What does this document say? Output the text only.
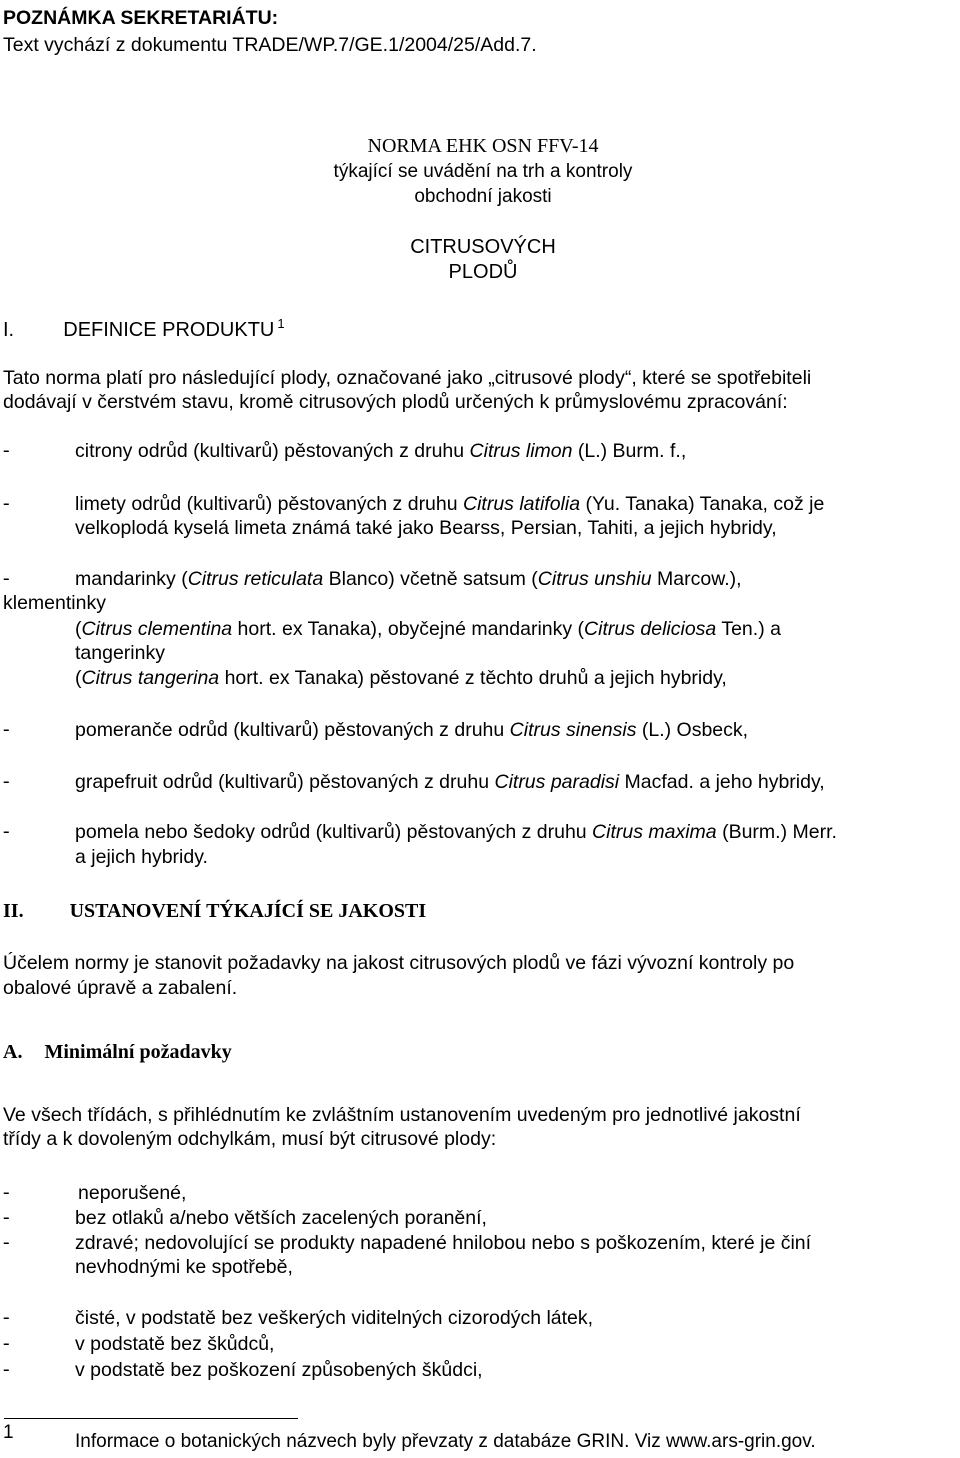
POZNÁMKA SEKRETARIÁTU:
Text vychází z dokumentu TRADE/WP.7/GE.1/2004/25/Add.7.
NORMA EHK OSN FFV-14
týkající se uvádění na trh a kontroly
obchodní jakosti
CITRUSOVÝCH
PLODŮ
I. DEFINICE PRODUKTU $^1$
Tato norma platí pro následující plody, označované jako „citrusové plody“, které se spotřebiteli
dodávají v čerstvém stavu, kromě citrusových plodů určených k průmyslovému zpracování:
-	citrony odrůd (kultivarů) pěstovaných z druhu Citrus limon (L.) Burm. f.,
-	limety odrůd (kultivarů) pěstovaných z druhu Citrus latifolia (Yu. Tanaka) Tanaka, což je
velkoplodá kyselá limeta známá také jako Bearss, Persian, Tahiti, a jejich hybridy,
-	mandarinky (Citrus reticulata Blanco) včetně satsum (Citrus unshiu Marcow.),
klementinky
(Citrus clementina hort. ex Tanaka), obyčejné mandarinky (Citrus deliciosa Ten.) a
tangerinky
(Citrus tangerina hort. ex Tanaka) pěstované z těchto druhů a jejich hybridy,
-	pomeranče odrůd (kultivarů) pěstovaných z druhu Citrus sinensis (L.) Osbeck,
-	grapefruit odrůd (kultivarů) pěstovaných z druhu Citrus paradisi Macfad. a jeho hybridy,
-	pomela nebo šedoky odrůd (kultivarů) pěstovaných z druhu Citrus maxima (Burm.) Merr.
a jejich hybridy.
II. USTANOVENÍ TÝKAJÍCÍ SE JAKOSTI
Účelem normy je stanovit požadavky na jakost citrusových plodů ve fázi vývozní kontroly po
obalové úpravě a zabalení.
A. Minimální požadavky
Ve všech třídách, s přihlédnutím ke zvláštním ustanovením uvedeným pro jednotlivé jakostní
třídy a k dovoleným odchylkám, musí být citrusové plody:
-	neporušené,
-	bez otlaků a/nebo větších zacelených poranění,
-	zdravé; nedovolující se produkty napadené hnilobou nebo s poškozením, které je činí
nevhodnými ke spotřebě,
-	čisté, v podstatě bez veškerých viditelných cizorodých látek,
-	v podstatě bez škůdců,
-	v podstatě bez poškození způsobených škůdci,
1	Informace o botanických názvech byly převzaty z databáze GRIN. Viz www.ars-grin.gov.
